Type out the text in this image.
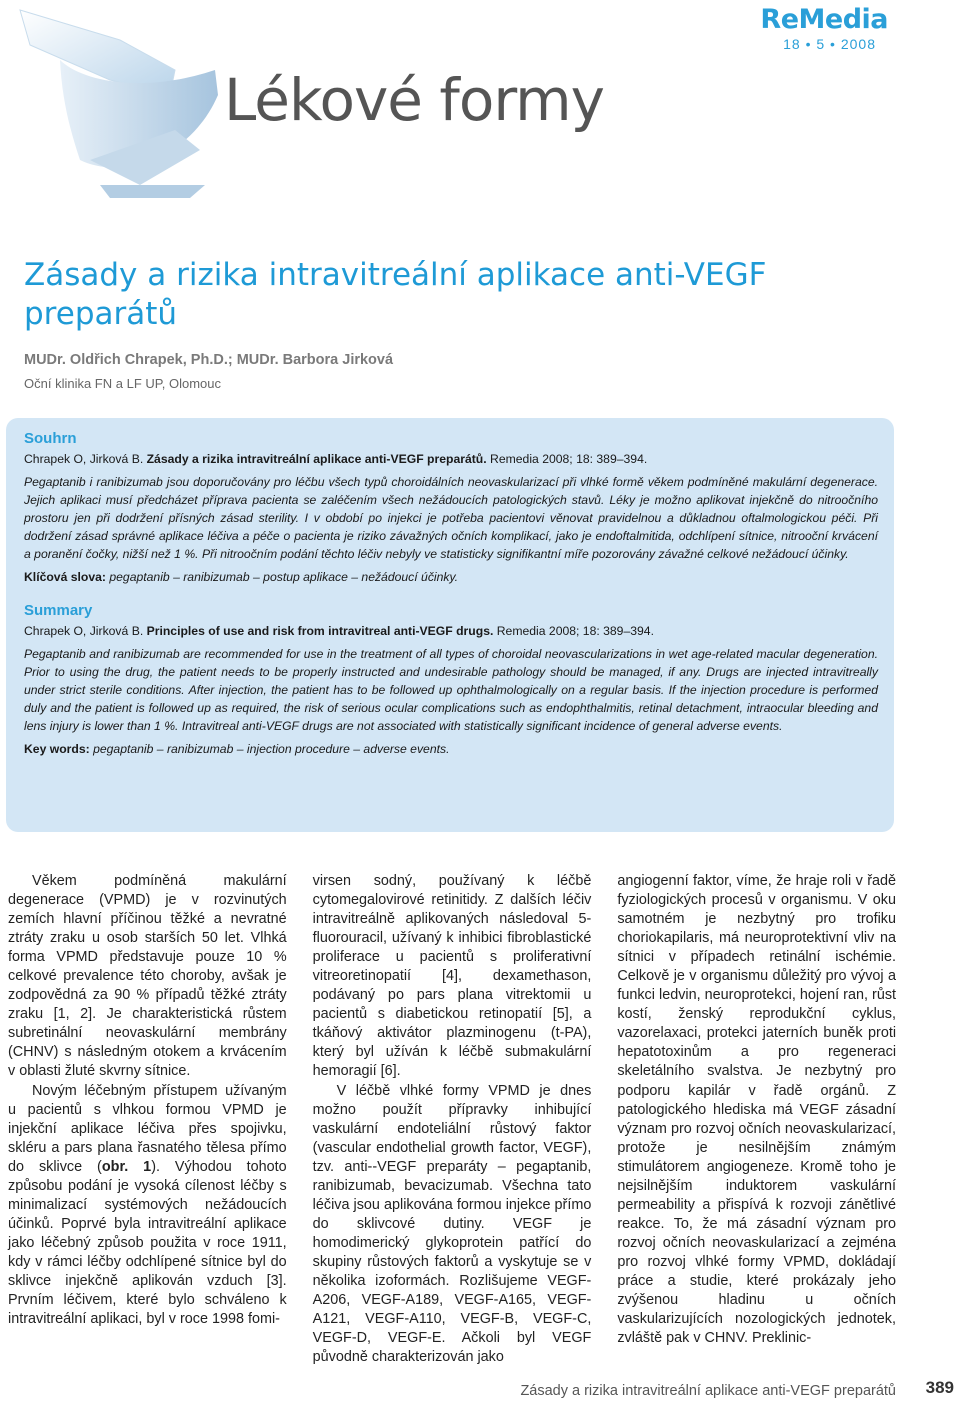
ReMedia
18 • 5 • 2008
Lékové formy
Zásady a rizika intravitreální aplikace anti-VEGF preparátů
MUDr. Oldřich Chrapek, Ph.D.; MUDr. Barbora Jirková
Oční klinika FN a LF UP, Olomouc
Souhrn
Chrapek O, Jirková B. Zásady a rizika intravitreální aplikace anti-VEGF preparátů. Remedia 2008; 18: 389–394.
Pegaptanib i ranibizumab jsou doporučovány pro léčbu všech typů choroidálních neovaskularizací při vlhké formě věkem podmíněné makulární degenerace. Jejich aplikaci musí předcházet příprava pacienta se zaléčením všech nežádoucích patologických stavů. Léky je možno aplikovat injekčně do nitroočního prostoru jen při dodržení přísných zásad sterility. I v období po injekci je potřeba pacientovi věnovat pravidelnou a důkladnou oftalmologickou péči. Při dodržení zásad správné aplikace léčiva a péče o pacienta je riziko závažných očních komplikací, jako je endoftalmitida, odchlípení sítnice, nitrooční krvácení a poranění čočky, nižší než 1 %. Při nitroočním podání těchto léčiv nebyly ve statisticky signifikantní míře pozorovány závažné celkové nežádoucí účinky.
Klíčová slova: pegaptanib – ranibizumab – postup aplikace – nežádoucí účinky.
Summary
Chrapek O, Jirková B. Principles of use and risk from intravitreal anti-VEGF drugs. Remedia 2008; 18: 389–394.
Pegaptanib and ranibizumab are recommended for use in the treatment of all types of choroidal neovascularizations in wet age-related macular degeneration. Prior to using the drug, the patient needs to be properly instructed and undesirable pathology should be managed, if any. Drugs are injected intravitreally under strict sterile conditions. After injection, the patient has to be followed up ophthalmologically on a regular basis. If the injection procedure is performed duly and the patient is followed up as required, the risk of serious ocular complications such as endophthalmitis, retinal detachment, intraocular bleeding and lens injury is lower than 1 %. Intravitreal anti-VEGF drugs are not associated with statistically significant incidence of general adverse events.
Key words: pegaptanib – ranibizumab – injection procedure – adverse events.

Věkem podmíněná makulární degenerace (VPMD) je v rozvinutých zemích hlavní příčinou těžké a nevratné ztráty zraku u osob starších 50 let. Vlhká forma VPMD představuje pouze 10 % celkové prevalence této choroby, avšak je zodpovědná za 90 % případů těžké ztráty zraku [1, 2]. Je charakteristická růstem subretinální neovaskulární membrány (CHNV) s následným otokem a krvácením v oblasti žluté skvrny sítnice.

Novým léčebným přístupem užívaným u pacientů s vlhkou formou VPMD je injekční aplikace léčiva přes spojivku, skléru a pars plana řasnatého tělesa přímo do sklivce (obr. 1). Výhodou tohoto způsobu podání je vysoká cílenost léčby s minimalizací systémových nežádoucích účinků. Poprvé byla intravitreální aplikace jako léčebný způsob použita v roce 1911, kdy v rámci léčby odchlípené sítnice byl do sklivce injekčně aplikován vzduch [3]. Prvním léčivem, které bylo schváleno k intravitreální aplikaci, byl v roce 1998 fomi-

virsen sodný, používaný k léčbě cytomegalovirové retinitidy. Z dalších léčiv intravitreálně aplikovaných následoval 5-fluorouracil, užívaný k inhibici fibroblastické proliferace u pacientů s proliferativní vitreoretinopatií [4], dexamethason, podávaný po pars plana vitrektomii u pacientů s diabetickou retinopatií [5], a tkáňový aktivátor plazminogenu (t-PA), který byl užíván k léčbě submakulární hemoragií [6].

V léčbě vlhké formy VPMD je dnes možno použít přípravky inhibující vaskulární endoteliální růstový faktor (vascular endothelial growth factor, VEGF), tzv. anti--VEGF preparáty – pegaptanib, ranibizumab, bevacizumab. Všechna tato léčiva jsou aplikována formou injekce přímo do sklivcové dutiny. VEGF je homodimerický glykoprotein patřící do skupiny růstových faktorů a vyskytuje se v několika izoformách. Rozlišujeme VEGF-A206, VEGF-A189, VEGF-A165, VEGF-A121, VEGF-A110, VEGF-B, VEGF-C, VEGF-D, VEGF-E. Ačkoli byl VEGF původně charakterizován jako

angiogenní faktor, víme, že hraje roli v řadě fyziologických procesů v organismu. V oku samotném je nezbytný pro trofiku choriokapilaris, má neuroprotektivní vliv na sítnici v případech retinální ischémie. Celkově je v organismu důležitý pro vývoj a funkci ledvin, neuroprotekci, hojení ran, růst kostí, ženský reprodukční cyklus, vazorelaxaci, protekci jaterních buněk proti hepatotoxinům a pro regeneraci skeletálního svalstva. Je nezbytný pro podporu kapilár v řadě orgánů. Z patologického hlediska má VEGF zásadní význam pro rozvoj očních neovaskularizací, protože je nesilnějším známým stimulátorem angiogeneze. Kromě toho je nejsilnějším induktorem vaskulární permeability a přispívá k rozvoji zánětlivé reakce. To, že má zásadní význam pro rozvoj očních neovaskularizací a zejména pro rozvoj vlhké formy VPMD, dokládají práce a studie, které prokázaly jeho zvýšenou hladinu u očních vaskularizujících nozologických jednotek, zvláště pak v CHNV. Preklinic-

Zásady a rizika intravitreální aplikace anti-VEGF preparátů 389
